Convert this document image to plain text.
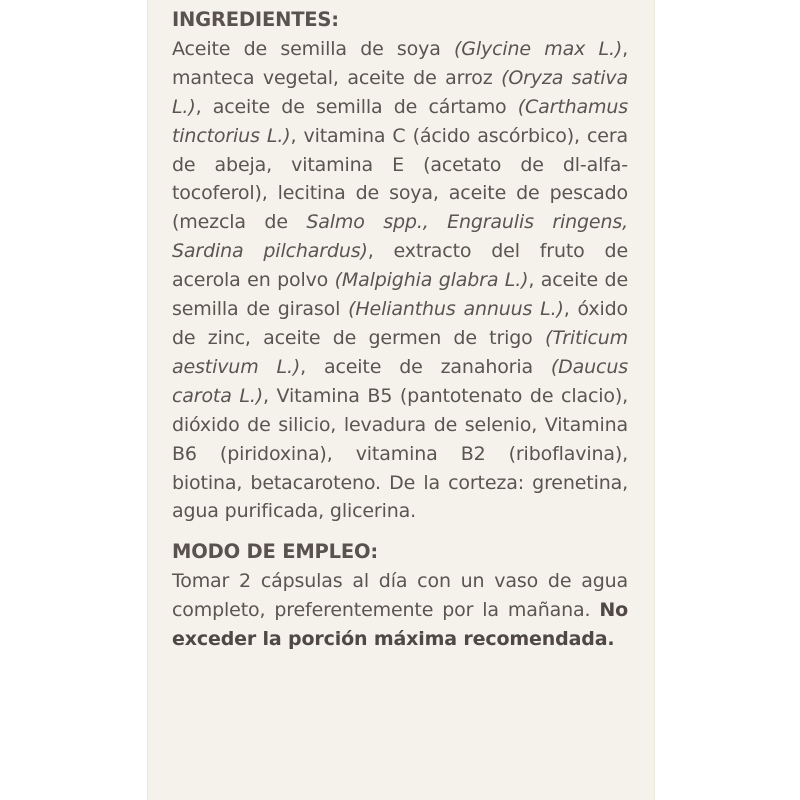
INGREDIENTES:
Aceite de semilla de soya (Glycine max L.), manteca vegetal, aceite de arroz (Oryza sativa L.), aceite de semilla de cártamo (Carthamus tinctorius L.), vitamina C (ácido ascórbico), cera de abeja, vitamina E (acetato de dl-alfa-tocoferol), lecitina de soya, aceite de pescado (mezcla de Salmo spp., Engraulis ringens, Sardina pilchardus), extracto del fruto de acerola en polvo (Malpighia glabra L.), aceite de semilla de girasol (Helianthus annuus L.), óxido de zinc, aceite de germen de trigo (Triticum aestivum L.), aceite de zanahoria (Daucus carota L.), Vitamina B5 (pantotenato de clacio), dióxido de silicio, levadura de selenio, Vitamina B6 (piridoxina), vitamina B2 (riboflavina), biotina, betacaroteno. De la corteza: grenetina, agua purificada, glicerina.
MODO DE EMPLEO:
Tomar 2 cápsulas al día con un vaso de agua completo, preferentemente por la mañana. No exceder la porción máxima recomendada.
